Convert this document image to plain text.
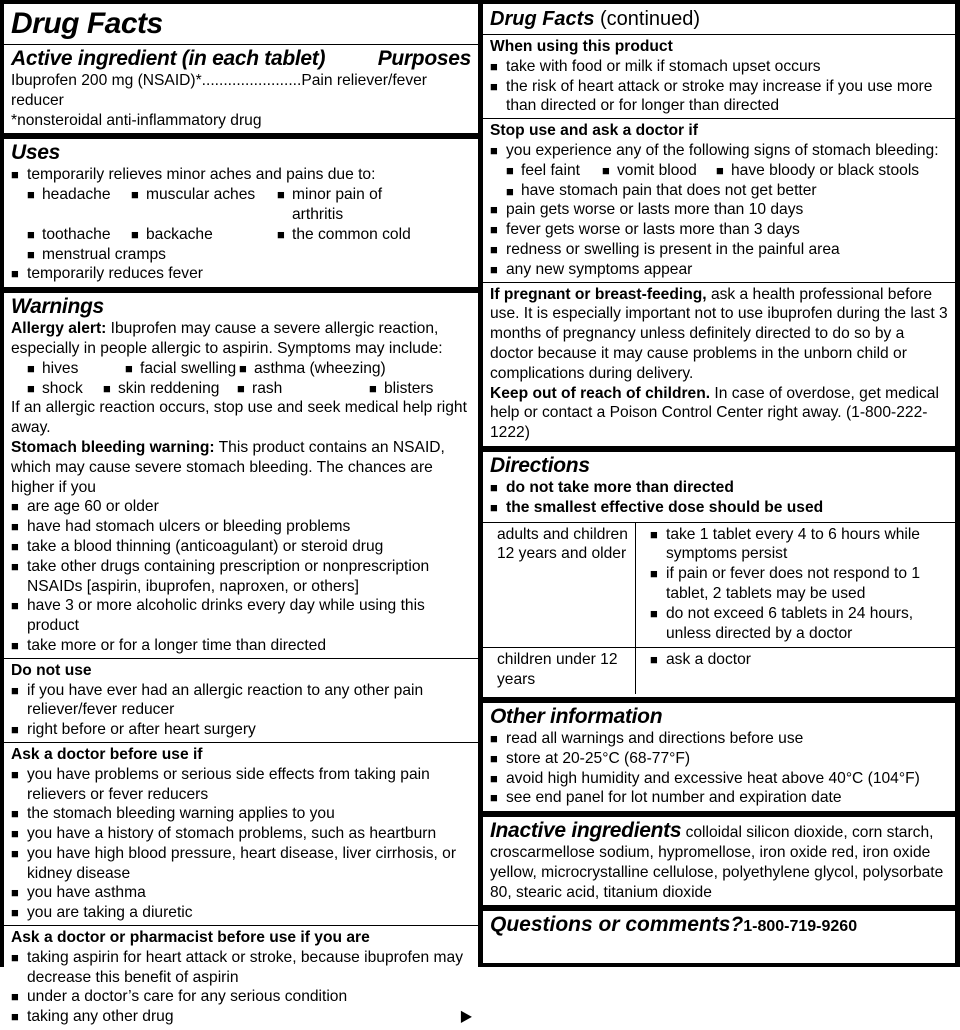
Drug Facts
Active ingredient (in each tablet) Purposes
Ibuprofen 200 mg (NSAID)*.......................Pain reliever/fever reducer
*nonsteroidal anti-inflammatory drug
Uses
■ temporarily relieves minor aches and pains due to:
■ headache	■ muscular aches	■ minor pain of arthritis
■ toothache	■ backache	■ the common cold
■ menstrual cramps
■ temporarily reduces fever
Warnings
Allergy alert: Ibuprofen may cause a severe allergic reaction, especially in people allergic to aspirin. Symptoms may include:
■ hives	■ facial swelling	■ asthma (wheezing)
■ shock	■ skin reddening	■ rash	■ blisters
If an allergic reaction occurs, stop use and seek medical help right away.
Stomach bleeding warning: This product contains an NSAID, which may cause severe stomach bleeding. The chances are higher if you
■ are age 60 or older
■ have had stomach ulcers or bleeding problems
■ take a blood thinning (anticoagulant) or steroid drug
■ take other drugs containing prescription or nonprescription NSAIDs [aspirin, ibuprofen, naproxen, or others]
■ have 3 or more alcoholic drinks every day while using this product
■ take more or for a longer time than directed
Do not use
■ if you have ever had an allergic reaction to any other pain reliever/fever reducer
■ right before or after heart surgery
Ask a doctor before use if
■ you have problems or serious side effects from taking pain relievers or fever reducers
■ the stomach bleeding warning applies to you
■ you have a history of stomach problems, such as heartburn
■ you have high blood pressure, heart disease, liver cirrhosis, or kidney disease
■ you have asthma
■ you are taking a diuretic
Ask a doctor or pharmacist before use if you are
■ taking aspirin for heart attack or stroke, because ibuprofen may decrease this benefit of aspirin
■ under a doctor’s care for any serious condition
■ taking any other drug	▶
Drug Facts (continued)
When using this product
■ take with food or milk if stomach upset occurs
■ the risk of heart attack or stroke may increase if you use more than directed or for longer than directed
Stop use and ask a doctor if
■ you experience any of the following signs of stomach bleeding:
■ feel faint	■ vomit blood	■ have bloody or black stools
■ have stomach pain that does not get better
■ pain gets worse or lasts more than 10 days
■ fever gets worse or lasts more than 3 days
■ redness or swelling is present in the painful area
■ any new symptoms appear
If pregnant or breast-feeding, ask a health professional before use. It is especially important not to use ibuprofen during the last 3 months of pregnancy unless definitely directed to do so by a doctor because it may cause problems in the unborn child or complications during delivery.
Keep out of reach of children. In case of overdose, get medical help or contact a Poison Control Center right away. (1-800-222-1222)
Directions
■ do not take more than directed
■ the smallest effective dose should be used
adults and children 12 years and older
■ take 1 tablet every 4 to 6 hours while symptoms persist
■ if pain or fever does not respond to 1 tablet, 2 tablets may be used
■ do not exceed 6 tablets in 24 hours, unless directed by a doctor
children under 12 years
■ ask a doctor
Other information
■ read all warnings and directions before use
■ store at 20-25°C (68-77°F)
■ avoid high humidity and excessive heat above 40°C (104°F)
■ see end panel for lot number and expiration date
Inactive ingredients colloidal silicon dioxide, corn starch, croscarmellose sodium, hypromellose, iron oxide red, iron oxide yellow, microcrystalline cellulose, polyethylene glycol, polysorbate 80, stearic acid, titanium dioxide
Questions or comments?1-800-719-9260
